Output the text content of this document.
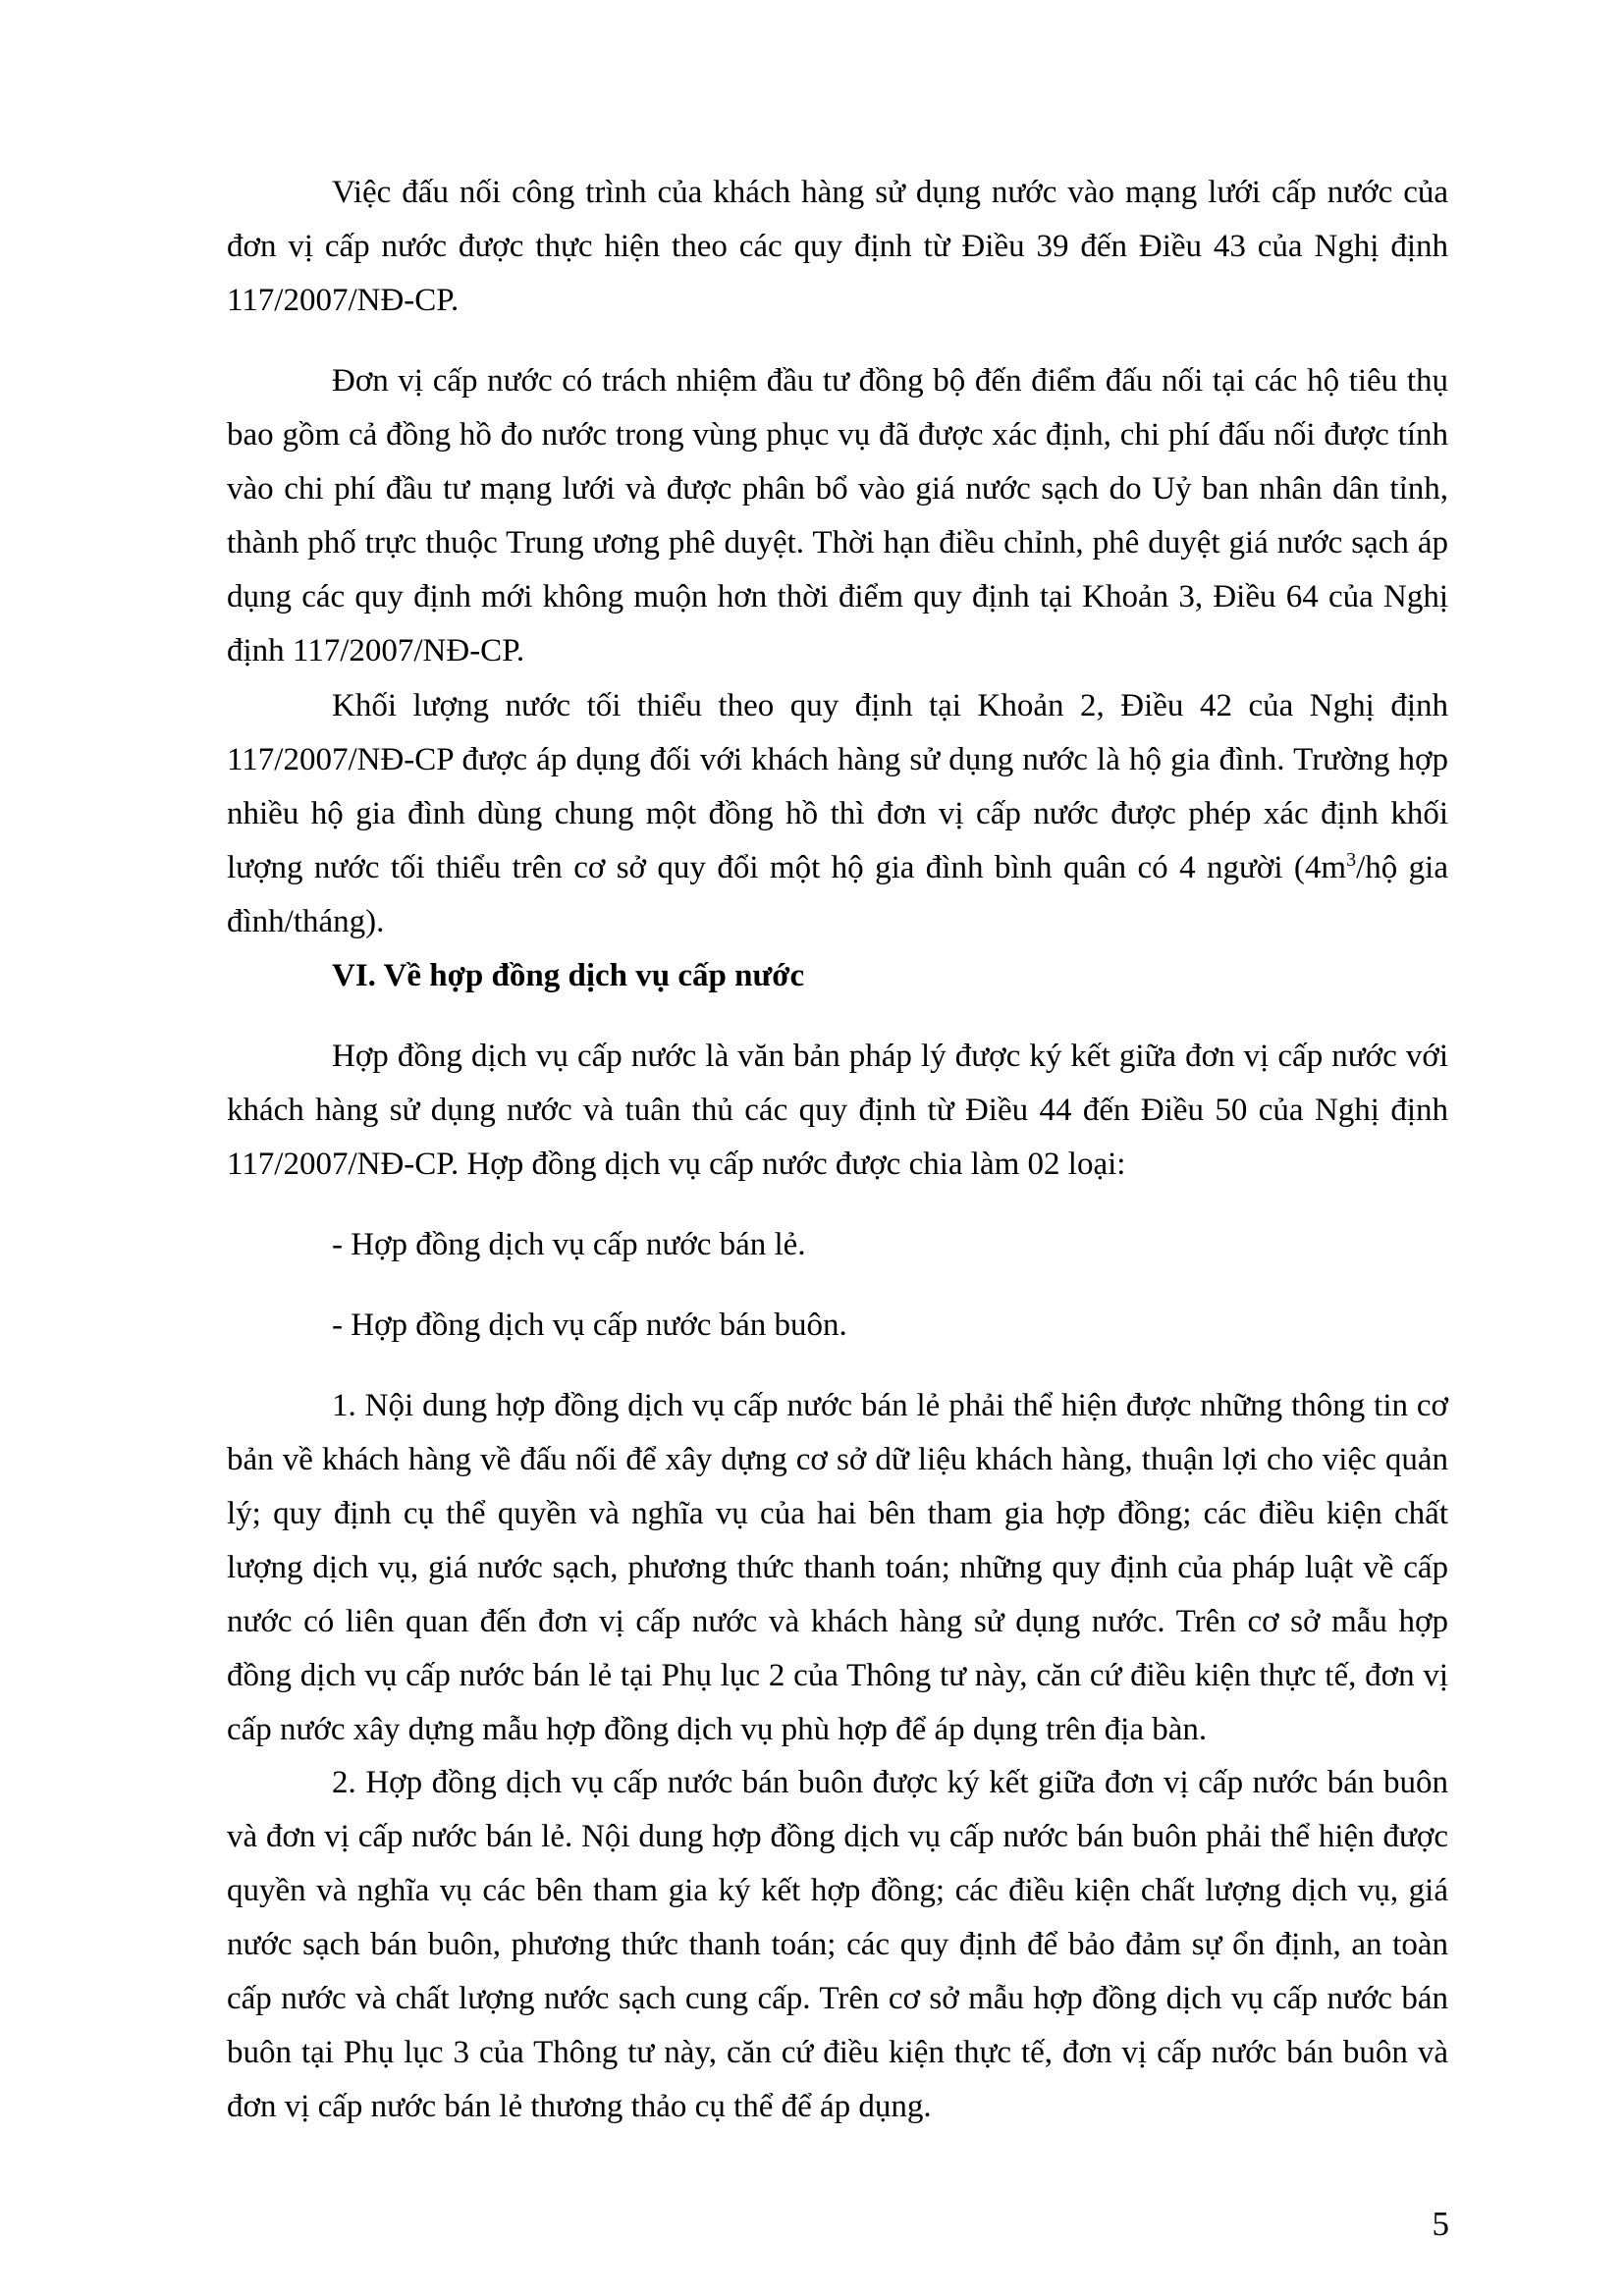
Việc đấu nối công trình của khách hàng sử dụng nước vào mạng lưới cấp nước của đơn vị cấp nước được thực hiện theo các quy định từ Điều 39 đến Điều 43 của Nghị định 117/2007/NĐ-CP.

Đơn vị cấp nước có trách nhiệm đầu tư đồng bộ đến điểm đấu nối tại các hộ tiêu thụ bao gồm cả đồng hồ đo nước trong vùng phục vụ đã được xác định, chi phí đấu nối được tính vào chi phí đầu tư mạng lưới và được phân bổ vào giá nước sạch do Uỷ ban nhân dân tỉnh, thành phố trực thuộc Trung ương phê duyệt. Thời hạn điều chỉnh, phê duyệt giá nước sạch áp dụng các quy định mới không muộn hơn thời điểm quy định tại Khoản 3, Điều 64 của Nghị định 117/2007/NĐ-CP.

Khối lượng nước tối thiểu theo quy định tại Khoản 2, Điều 42 của Nghị định 117/2007/NĐ-CP được áp dụng đối với khách hàng sử dụng nước là hộ gia đình. Trường hợp nhiều hộ gia đình dùng chung một đồng hồ thì đơn vị cấp nước được phép xác định khối lượng nước tối thiểu trên cơ sở quy đổi một hộ gia đình bình quân có 4 người ($4m^3/hộ$ gia đình/tháng).

VI. Về hợp đồng dịch vụ cấp nước

Hợp đồng dịch vụ cấp nước là văn bản pháp lý được ký kết giữa đơn vị cấp nước với khách hàng sử dụng nước và tuân thủ các quy định từ Điều 44 đến Điều 50 của Nghị định 117/2007/NĐ-CP. Hợp đồng dịch vụ cấp nước được chia làm 02 loại:

- Hợp đồng dịch vụ cấp nước bán lẻ.

- Hợp đồng dịch vụ cấp nước bán buôn.

1. Nội dung hợp đồng dịch vụ cấp nước bán lẻ phải thể hiện được những thông tin cơ bản về khách hàng về đấu nối để xây dựng cơ sở dữ liệu khách hàng, thuận lợi cho việc quản lý; quy định cụ thể quyền và nghĩa vụ của hai bên tham gia hợp đồng; các điều kiện chất lượng dịch vụ, giá nước sạch, phương thức thanh toán; những quy định của pháp luật về cấp nước có liên quan đến đơn vị cấp nước và khách hàng sử dụng nước. Trên cơ sở mẫu hợp đồng dịch vụ cấp nước bán lẻ tại Phụ lục 2 của Thông tư này, căn cứ điều kiện thực tế, đơn vị cấp nước xây dựng mẫu hợp đồng dịch vụ phù hợp để áp dụng trên địa bàn.

2. Hợp đồng dịch vụ cấp nước bán buôn được ký kết giữa đơn vị cấp nước bán buôn và đơn vị cấp nước bán lẻ. Nội dung hợp đồng dịch vụ cấp nước bán buôn phải thể hiện được quyền và nghĩa vụ các bên tham gia ký kết hợp đồng; các điều kiện chất lượng dịch vụ, giá nước sạch bán buôn, phương thức thanh toán; các quy định để bảo đảm sự ổn định, an toàn cấp nước và chất lượng nước sạch cung cấp. Trên cơ sở mẫu hợp đồng dịch vụ cấp nước bán buôn tại Phụ lục 3 của Thông tư này, căn cứ điều kiện thực tế, đơn vị cấp nước bán buôn và đơn vị cấp nước bán lẻ thương thảo cụ thể để áp dụng.

5
